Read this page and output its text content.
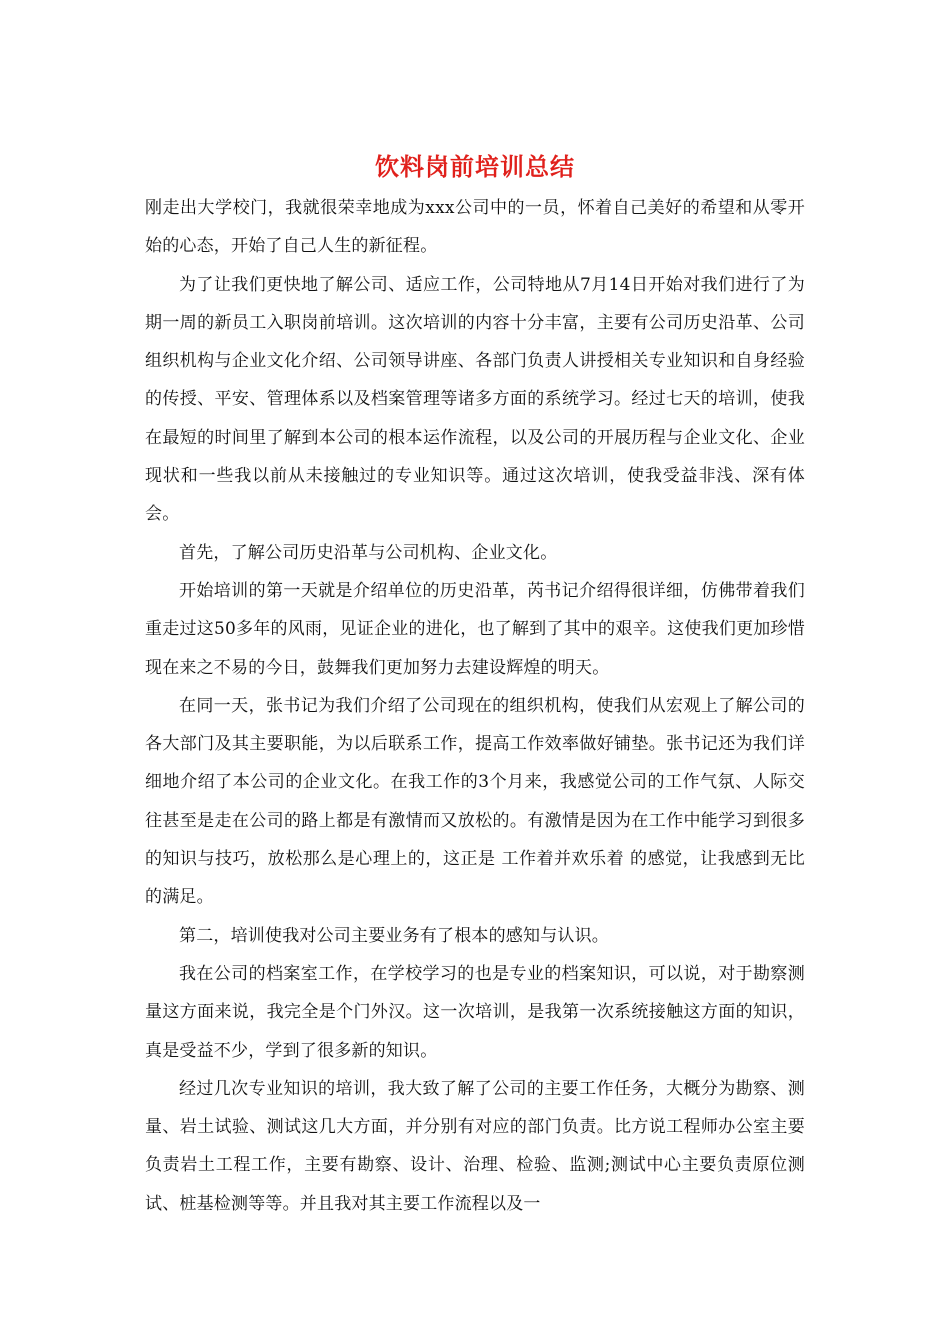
饮料岗前培训总结

刚走出大学校门，我就很荣幸地成为xxx公司中的一员，怀着自己美好的希望和从零开始的心态，开始了自己人生的新征程。

为了让我们更快地了解公司、适应工作，公司特地从7月14日开始对我们进行了为期一周的新员工入职岗前培训。这次培训的内容十分丰富，主要有公司历史沿革、公司组织机构与企业文化介绍、公司领导讲座、各部门负责人讲授相关专业知识和自身经验的传授、平安、管理体系以及档案管理等诸多方面的系统学习。经过七天的培训，使我在最短的时间里了解到本公司的根本运作流程，以及公司的开展历程与企业文化、企业现状和一些我以前从未接触过的专业知识等。通过这次培训，使我受益非浅、深有体会。

首先，了解公司历史沿革与公司机构、企业文化。

开始培训的第一天就是介绍单位的历史沿革，芮书记介绍得很详细，仿佛带着我们重走过这50多年的风雨，见证企业的进化，也了解到了其中的艰辛。这使我们更加珍惜现在来之不易的今日，鼓舞我们更加努力去建设辉煌的明天。

在同一天，张书记为我们介绍了公司现在的组织机构，使我们从宏观上了解公司的各大部门及其主要职能，为以后联系工作，提高工作效率做好铺垫。张书记还为我们详细地介绍了本公司的企业文化。在我工作的3个月来，我感觉公司的工作气氛、人际交往甚至是走在公司的路上都是有激情而又放松的。有激情是因为在工作中能学习到很多的知识与技巧，放松那么是心理上的，这正是 工作着并欢乐着 的感觉，让我感到无比的满足。

第二，培训使我对公司主要业务有了根本的感知与认识。

我在公司的档案室工作，在学校学习的也是专业的档案知识，可以说，对于勘察测量这方面来说，我完全是个门外汉。这一次培训，是我第一次系统接触这方面的知识，真是受益不少，学到了很多新的知识。

经过几次专业知识的培训，我大致了解了公司的主要工作任务，大概分为勘察、测量、岩土试验、测试这几大方面，并分别有对应的部门负责。比方说工程师办公室主要负责岩土工程工作，主要有勘察、设计、治理、检验、监测;测试中心主要负责原位测试、桩基检测等等。并且我对其主要工作流程以及一
